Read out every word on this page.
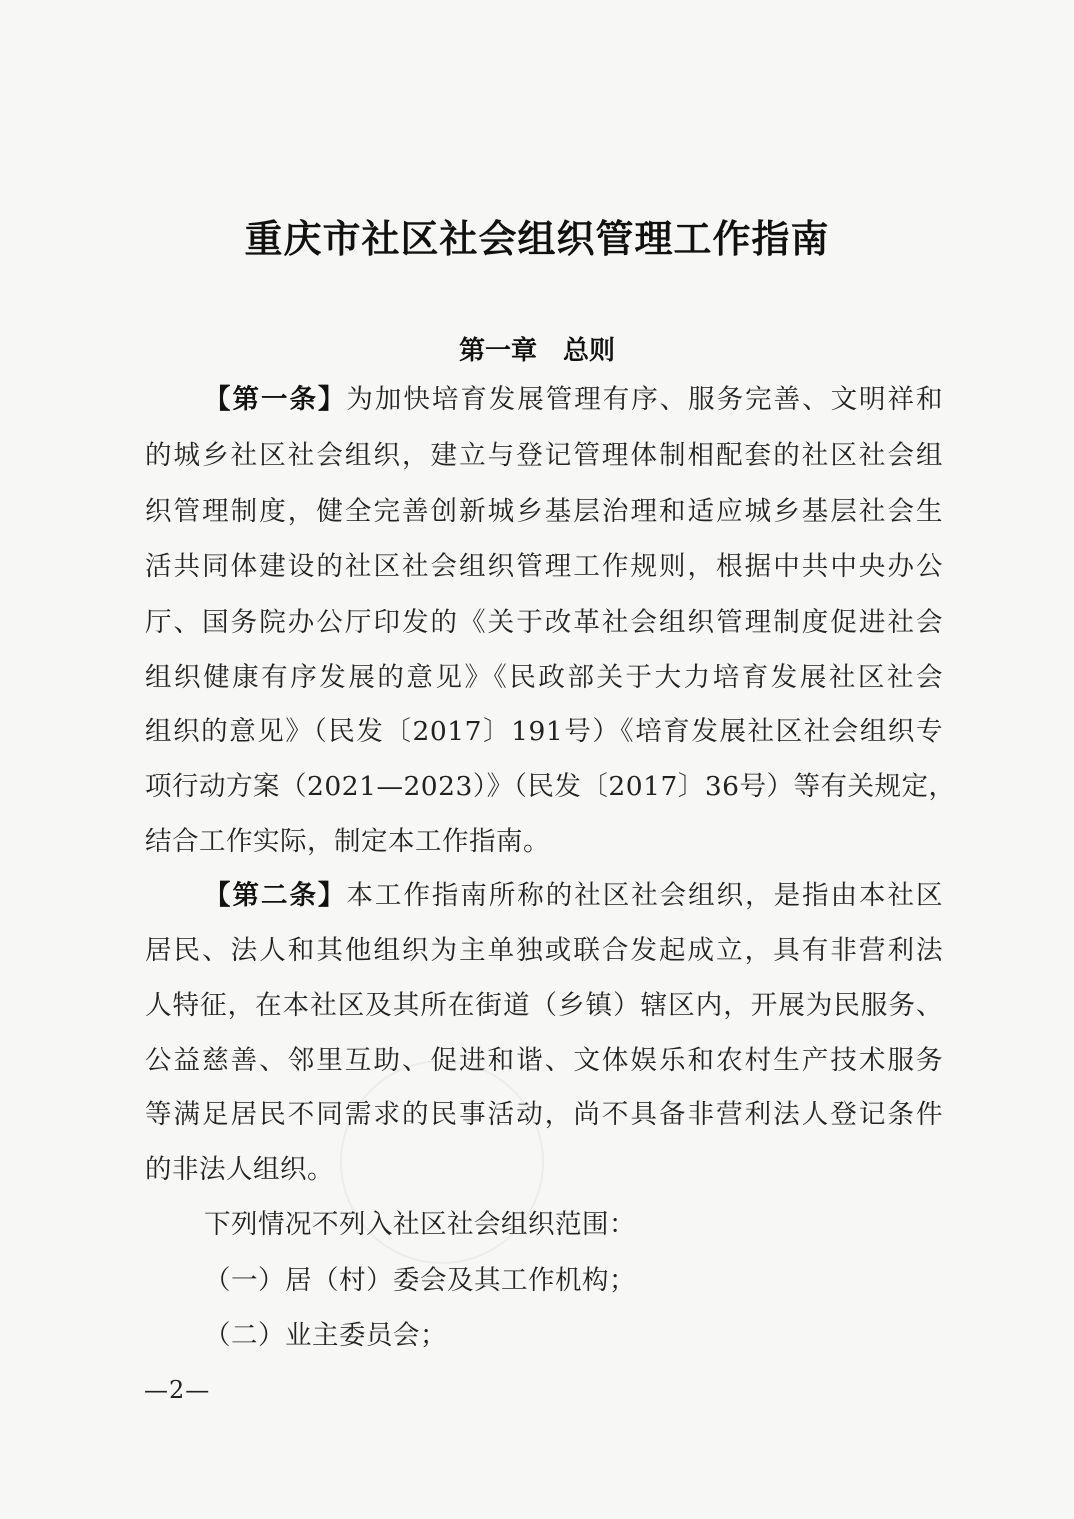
重庆市社区社会组织管理工作指南
第一章　总则
【第一条】为加快培育发展管理有序、服务完善、文明祥和
的城乡社区社会组织，建立与登记管理体制相配套的社区社会组
织管理制度，健全完善创新城乡基层治理和适应城乡基层社会生
活共同体建设的社区社会组织管理工作规则，根据中共中央办公
厅、国务院办公厅印发的《关于改革社会组织管理制度促进社会
组织健康有序发展的意见》《民政部关于大力培育发展社区社会
组织的意见》（民发〔2017〕191号）《培育发展社区社会组织专
项行动方案（2021—2023）》（民发〔2017〕36号）等有关规定，
结合工作实际，制定本工作指南。
【第二条】本工作指南所称的社区社会组织，是指由本社区
居民、法人和其他组织为主单独或联合发起成立，具有非营利法
人特征，在本社区及其所在街道（乡镇）辖区内，开展为民服务、
公益慈善、邻里互助、促进和谐、文体娱乐和农村生产技术服务
等满足居民不同需求的民事活动，尚不具备非营利法人登记条件
的非法人组织。
下列情况不列入社区社会组织范围：
（一）居（村）委会及其工作机构；
（二）业主委员会；
—2—
